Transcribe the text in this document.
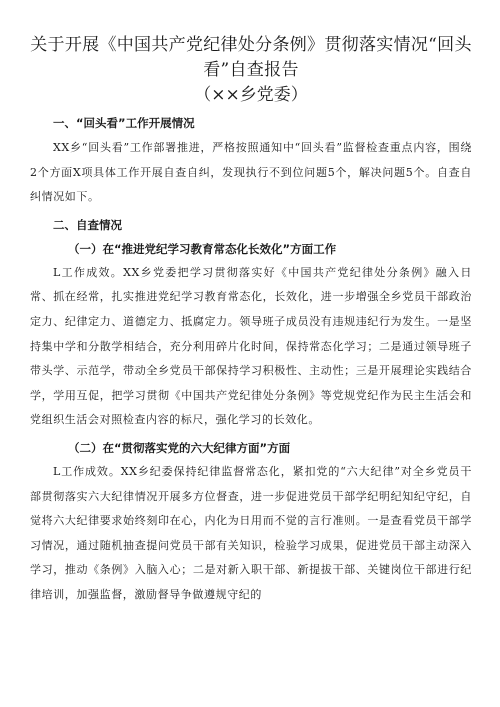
关于开展《中国共产党纪律处分条例》贯彻落实情况“回头看”自查报告
（××乡党委）
一、“回头看”工作开展情况

XX乡“回头看”工作部署推进，严格按照通知中“回头看”监督检查重点内容，围绕2个方面X项具体工作开展自查自纠，发现执行不到位问题5个，解决问题5个。自查自纠情况如下。

二、自查情况
（一）在“推进党纪学习教育常态化长效化”方面工作

L工作成效。XX乡党委把学习贯彻落实好《中国共产党纪律处分条例》融入日常、抓在经常，扎实推进党纪学习教育常态化，长效化，进一步增强全乡党员干部政治定力、纪律定力、道德定力、抵腐定力。领导班子成员没有违规违纪行为发生。一是坚持集中学和分散学相结合，充分利用碎片化时间，保持常态化学习；二是通过领导班子带头学、示范学，带动全乡党员干部保持学习积极性、主动性；三是开展理论实践结合学，学用互促，把学习贯彻《中国共产党纪律处分条例》等党规党纪作为民主生活会和党组织生活会对照检查内容的标尺，强化学习的长效化。

（二）在“贯彻落实党的六大纪律方面”方面

L工作成效。XX乡纪委保持纪律监督常态化，紧扣党的“六大纪律”对全乡党员干部贯彻落实六大纪律情况开展多方位督查，进一步促进党员干部学纪明纪知纪守纪，自觉将六大纪律要求始终刻印在心，内化为日用而不觉的言行准则。一是查看党员干部学习情况，通过随机抽查提问党员干部有关知识，检验学习成果，促进党员干部主动深入学习，推动《条例》入脑入心；二是对新入职干部、新提拔干部、关键岗位干部进行纪律培训，加强监督，激励督导争做遵规守纪的
